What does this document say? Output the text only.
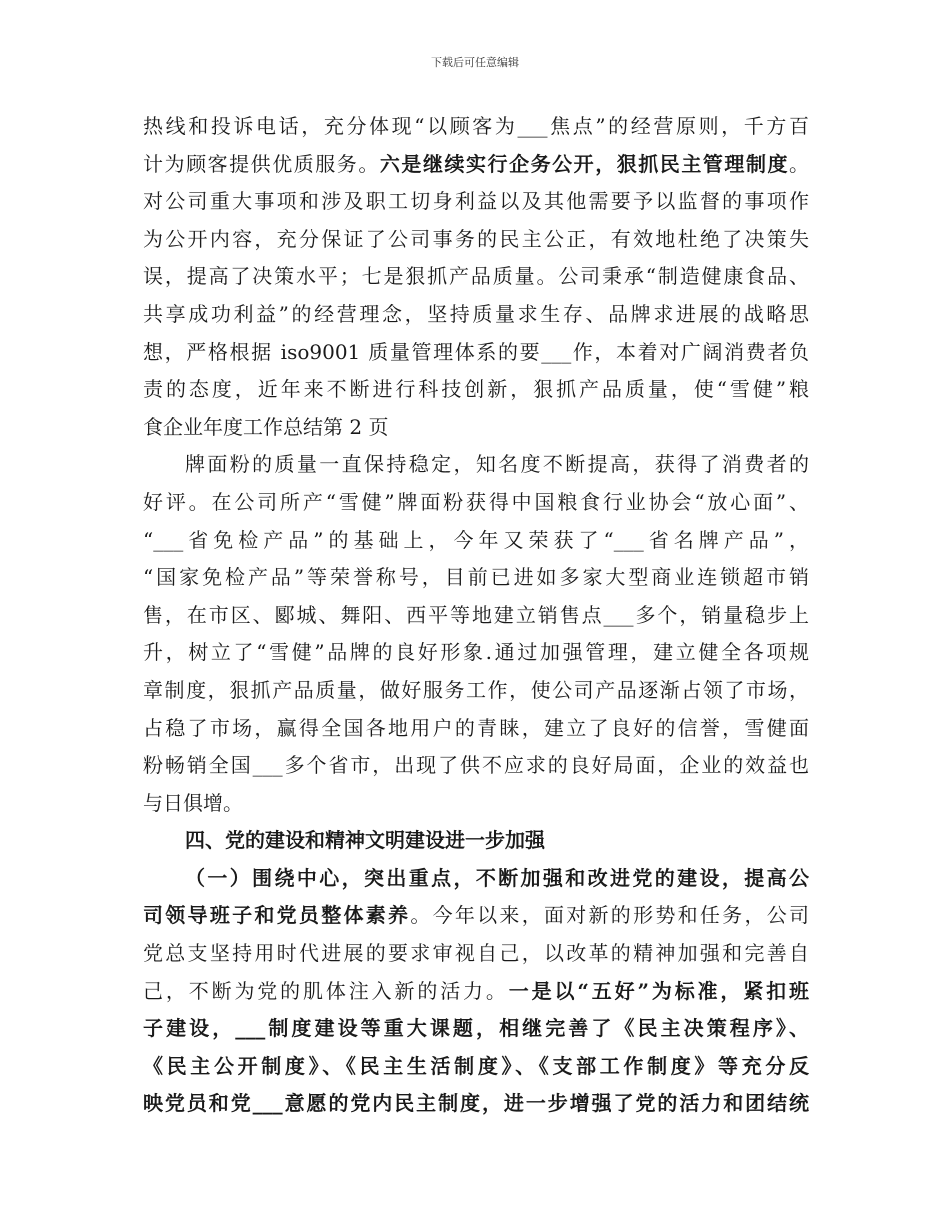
下载后可任意编辑
热线和投诉电话，充分体现“以顾客为___焦点”的经营原则，千方百
计为顾客提供优质服务。六是继续实行企务公开，狠抓民主管理制度。
对公司重大事项和涉及职工切身利益以及其他需要予以监督的事项作
为公开内容，充分保证了公司事务的民主公正，有效地杜绝了决策失
误，提高了决策水平；七是狠抓产品质量。公司秉承“制造健康食品、
共享成功利益”的经营理念，坚持质量求生存、品牌求进展的战略思
想，严格根据 iso9001 质量管理体系的要___作，本着对广阔消费者负
责的态度，近年来不断进行科技创新，狠抓产品质量，使“雪健”粮
食企业年度工作总结第 2 页
牌面粉的质量一直保持稳定，知名度不断提高，获得了消费者的
好评。在公司所产“雪健”牌面粉获得中国粮食行业协会“放心面”、
“___省免检产品”的基础上，今年又荣获了“___省名牌产品”，
“国家免检产品”等荣誉称号，目前已进如多家大型商业连锁超市销
售，在市区、郾城、舞阳、西平等地建立销售点___多个，销量稳步上
升，树立了“雪健”品牌的良好形象.通过加强管理，建立健全各项规
章制度，狠抓产品质量，做好服务工作，使公司产品逐渐占领了市场，
占稳了市场，赢得全国各地用户的青睐，建立了良好的信誉，雪健面
粉畅销全国___多个省市，出现了供不应求的良好局面，企业的效益也
与日俱增。
四、党的建设和精神文明建设进一步加强
（一）围绕中心，突出重点，不断加强和改进党的建设，提高公
司领导班子和党员整体素养。今年以来，面对新的形势和任务，公司
党总支坚持用时代进展的要求审视自己，以改革的精神加强和完善自
己，不断为党的肌体注入新的活力。一是以“五好”为标准，紧扣班
子建设，___制度建设等重大课题，相继完善了《民主决策程序》、
《民主公开制度》、《民主生活制度》、《支部工作制度》等充分反
映党员和党___意愿的党内民主制度，进一步增强了党的活力和团结统
